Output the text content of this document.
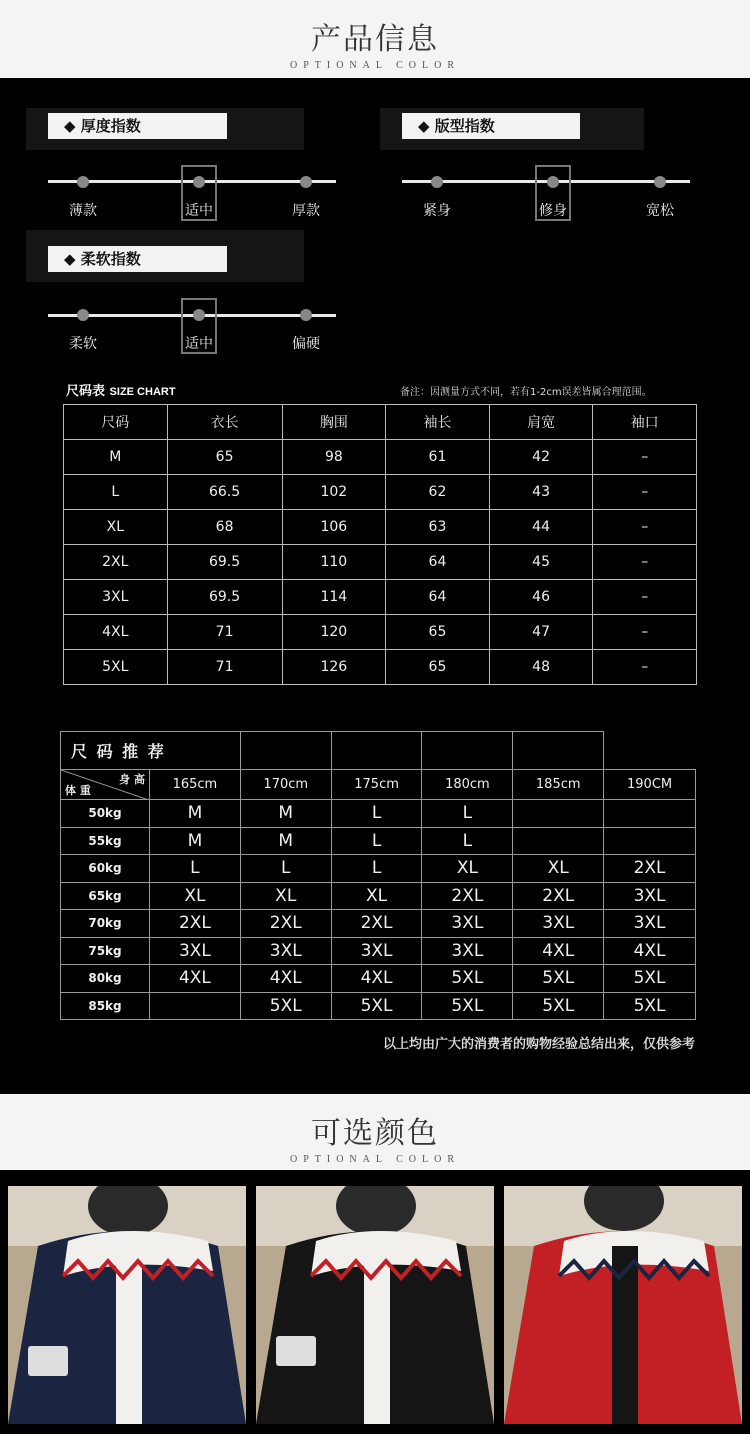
产品信息
OPTIONAL COLOR
◆ 厚度指数
薄款	适中	厚款
◆ 版型指数
紧身	修身	宽松
◆ 柔软指数
柔软	适中	偏硬
尺码表 SIZE CHART	备注：因测量方式不同，若有1-2cm误差皆属合理范围。
尺码	衣长	胸围	袖长	肩宽	袖口
M	65	98	61	42	–
L	66.5	102	62	43	–
XL	68	106	63	44	–
2XL	69.5	110	64	45	–
3XL	69.5	114	64	46	–
4XL	71	120	65	47	–
5XL	71	126	65	48	–
尺 码 推 荐						

身 高
体 重	165cm	170cm	175cm	180cm	185cm	190CM
50kg	M	M	L	L		
55kg	M	M	L	L		
60kg	L	L	L	XL	XL	2XL
65kg	XL	XL	XL	2XL	2XL	3XL
70kg	2XL	2XL	2XL	3XL	3XL	3XL
75kg	3XL	3XL	3XL	3XL	4XL	4XL
80kg	4XL	4XL	4XL	5XL	5XL	5XL
85kg		5XL	5XL	5XL	5XL	5XL
以上均由广大的消费者的购物经验总结出来，仅供参考
可选颜色
OPTIONAL COLOR
